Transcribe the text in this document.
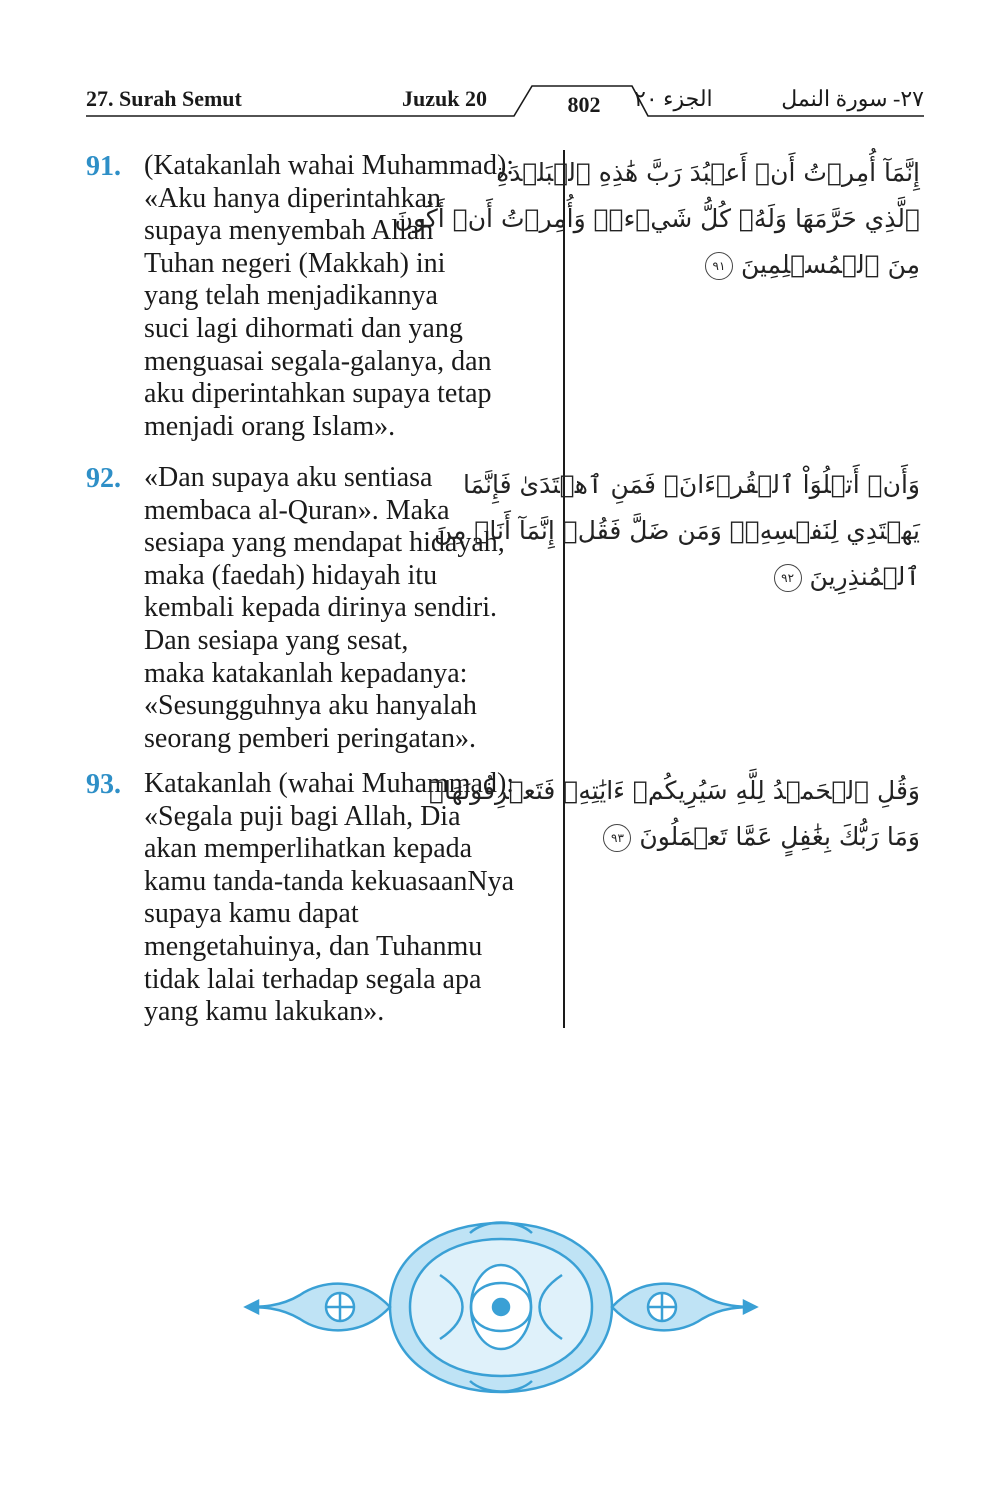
27. Surah Semut	Juzuk 20	802	الجزء ٢٠	٢٧- سورة النمل
91. (Katakanlah wahai Muhammad):
«Aku hanya diperintahkan
supaya menyembah Allah
Tuhan negeri (Makkah) ini
yang telah menjadikannya
suci lagi dihormati dan yang
menguasai segala-galanya, dan
aku diperintahkan supaya tetap
menjadi orang Islam».
إِنَّمَآ أُمِرۡتُ أَنۡ أَعۡبُدَ رَبَّ هَٰذِهِ ٱلۡبَلۡدَةِ
ٱلَّذِي حَرَّمَهَا وَلَهُۥ كُلُّ شَيۡءٖۖ وَأُمِرۡتُ أَنۡ أَكُونَ
مِنَ ٱلۡمُسۡلِمِينَ ٩١
92. «Dan supaya aku sentiasa
membaca al-Quran». Maka
sesiapa yang mendapat hidayah,
maka (faedah) hidayah itu
kembali kepada dirinya sendiri.
Dan sesiapa yang sesat,
maka katakanlah kepadanya:
«Sesungguhnya aku hanyalah
seorang pemberi peringatan».
وَأَنۡ أَتۡلُوَاْ ٱلۡقُرۡءَانَۖ فَمَنِ ٱهۡتَدَىٰ فَإِنَّمَا
يَهۡتَدِي لِنَفۡسِهِۦۖ وَمَن ضَلَّ فَقُلۡ إِنَّمَآ أَنَا۠ مِنَ
ٱلۡمُنذِرِينَ ٩٢
93. Katakanlah (wahai Muhammad):
«Segala puji bagi Allah, Dia
akan memperlihatkan kepada
kamu tanda-tanda kekuasaanNya
supaya kamu dapat
mengetahuinya, dan Tuhanmu
tidak lalai terhadap segala apa
yang kamu lakukan».
وَقُلِ ٱلۡحَمۡدُ لِلَّهِ سَيُرِيكُمۡ ءَايَٰتِهِۦ فَتَعۡرِفُونَهَاۚ
وَمَا رَبُّكَ بِغَٰفِلٍ عَمَّا تَعۡمَلُونَ ٩٣
